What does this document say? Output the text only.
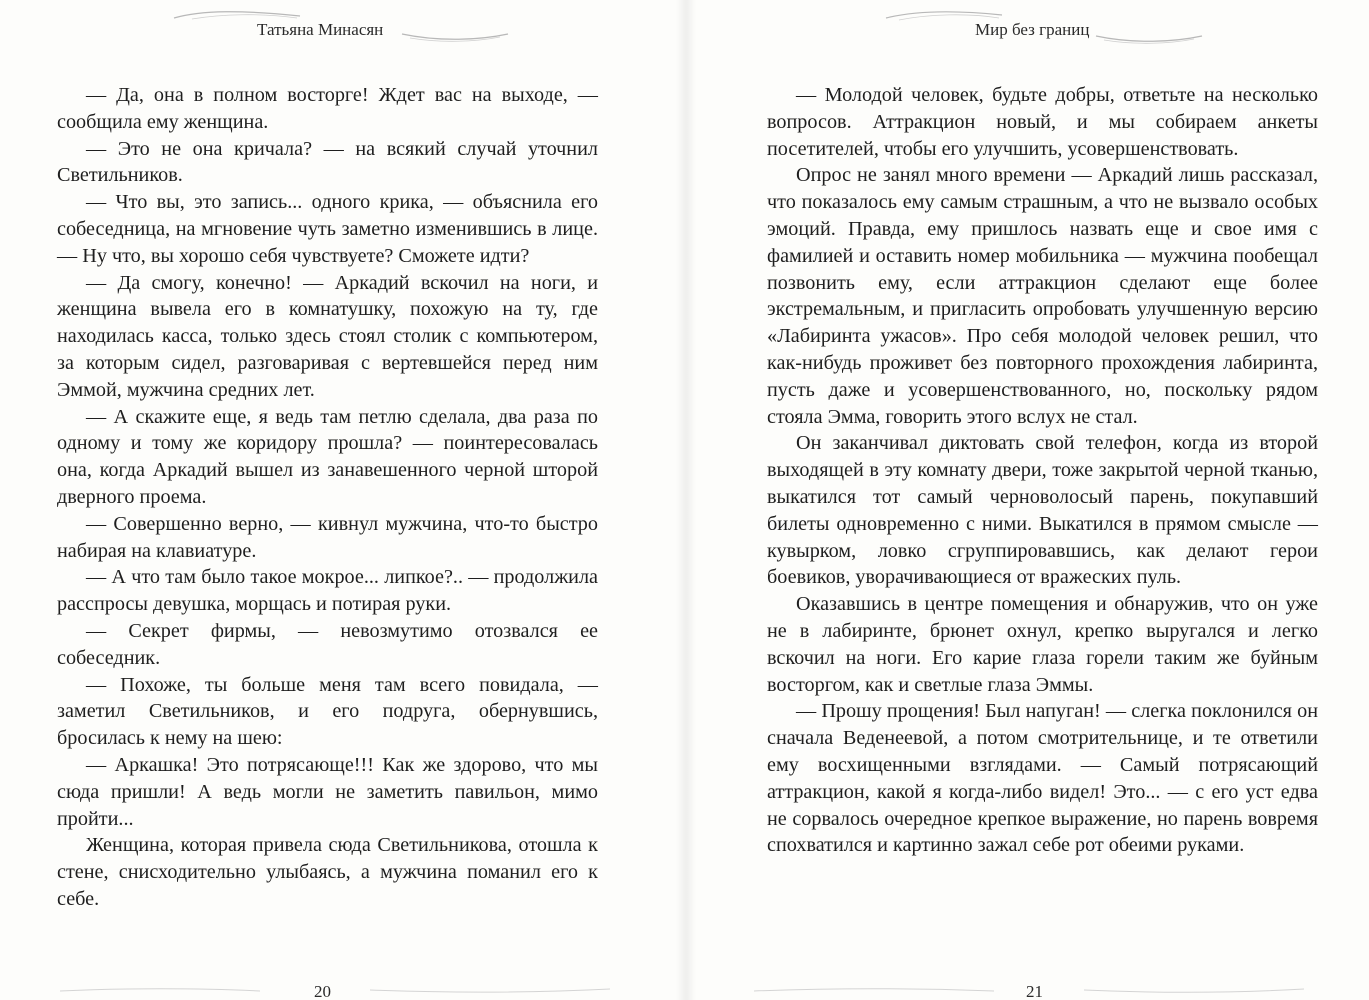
Татьяна Минасян

— Да, она в полном восторге! Ждет вас на выходе, — сообщила ему женщина.

— Это не она кричала? — на всякий случай уточнил Светильников.

— Что вы, это запись... одного крика, — объяснила его собеседница, на мгновение чуть заметно изменившись в лице. — Ну что, вы хорошо себя чувствуете? Сможете идти?

— Да смогу, конечно! — Аркадий вскочил на ноги, и женщина вывела его в комнатушку, похожую на ту, где находилась касса, только здесь стоял столик с компьютером, за которым сидел, разговаривая с вертевшейся перед ним Эммой, мужчина средних лет.

— А скажите еще, я ведь там петлю сделала, два раза по одному и тому же коридору прошла? — поинтересовалась она, когда Аркадий вышел из занавешенного черной шторой дверного проема.

— Совершенно верно, — кивнул мужчина, что-то быстро набирая на клавиатуре.

— А что там было такое мокрое... липкое?.. — продолжила расспросы девушка, морщась и потирая руки.

— Секрет фирмы, — невозмутимо отозвался ее собеседник.

— Похоже, ты больше меня там всего повидала, — заметил Светильников, и его подруга, обернувшись, бросилась к нему на шею:

— Аркашка! Это потрясающе!!! Как же здорово, что мы сюда пришли! А ведь могли не заметить павильон, мимо пройти...

Женщина, которая привела сюда Светильникова, отошла к стене, снисходительно улыбаясь, а мужчина поманил его к себе.

20
Мир без границ

— Молодой человек, будьте добры, ответьте на несколько вопросов. Аттракцион новый, и мы собираем анкеты посетителей, чтобы его улучшить, усовершенствовать.

Опрос не занял много времени — Аркадий лишь рассказал, что показалось ему самым страшным, а что не вызвало особых эмоций. Правда, ему пришлось назвать еще и свое имя с фамилией и оставить номер мобильника — мужчина пообещал позвонить ему, если аттракцион сделают еще более экстремальным, и пригласить опробовать улучшенную версию «Лабиринта ужасов». Про себя молодой человек решил, что как-нибудь проживет без повторного прохождения лабиринта, пусть даже и усовершенствованного, но, поскольку рядом стояла Эмма, говорить этого вслух не стал.

Он заканчивал диктовать свой телефон, когда из второй выходящей в эту комнату двери, тоже закрытой черной тканью, выкатился тот самый черноволосый парень, покупавший билеты одновременно с ними. Выкатился в прямом смысле — кувырком, ловко сгруппировавшись, как делают герои боевиков, уворачивающиеся от вражеских пуль.

Оказавшись в центре помещения и обнаружив, что он уже не в лабиринте, брюнет охнул, крепко выругался и легко вскочил на ноги. Его карие глаза горели таким же буйным восторгом, как и светлые глаза Эммы.

— Прошу прощения! Был напуган! — слегка поклонился он сначала Веденеевой, а потом смотрительнице, и те ответили ему восхищенными взглядами. — Самый потрясающий аттракцион, какой я когда-либо видел! Это... — с его уст едва не сорвалось очередное крепкое выражение, но парень вовремя спохватился и картинно зажал себе рот обеими руками.

21
